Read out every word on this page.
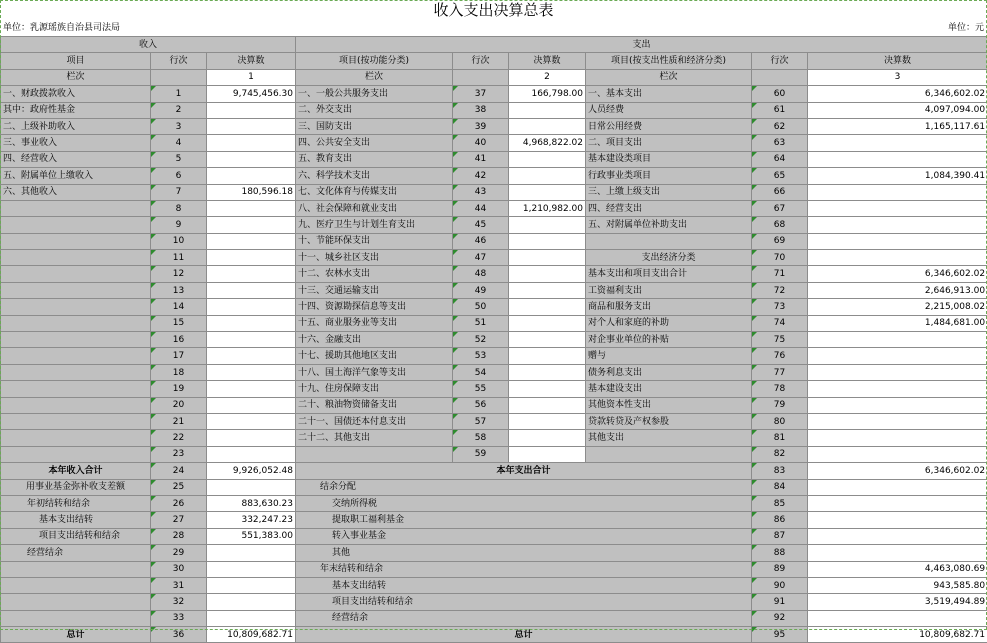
收入支出决算总表
单位：乳源瑶族自治县司法局	单位：元
收入			支出					
项目	行次	决算数	项目(按功能分类)	行次	决算数	项目(按支出性质和经济分类)	行次	决算数
栏次		1	栏次		2	栏次		3
一、财政拨款收入	1	9,745,456.30	一、一般公共服务支出	37	166,798.00	一、基本支出	60	6,346,602.02
其中：政府性基金	2		二、外交支出	38		人员经费	61	4,097,094.00
二、上级补助收入	3		三、国防支出	39		日常公用经费	62	1,165,117.61
三、事业收入	4		四、公共安全支出	40	4,968,822.02	二、项目支出	63	
四、经营收入	5		五、教育支出	41		基本建设类项目	64	
五、附属单位上缴收入	6		六、科学技术支出	42		行政事业类项目	65	1,084,390.41
六、其他收入	7	180,596.18	七、文化体育与传媒支出	43		三、上缴上级支出	66	
	8		八、社会保障和就业支出	44	1,210,982.00	四、经营支出	67	
	9		九、医疗卫生与计划生育支出	45		五、对附属单位补助支出	68	
	10		十、节能环保支出	46			69	
	11		十一、城乡社区支出	47		支出经济分类	70	
	12		十二、农林水支出	48		基本支出和项目支出合计	71	6,346,602.02
	13		十三、交通运输支出	49		工资福利支出	72	2,646,913.00
	14		十四、资源勘探信息等支出	50		商品和服务支出	73	2,215,008.02
	15		十五、商业服务业等支出	51		对个人和家庭的补助	74	1,484,681.00
	16		十六、金融支出	52		对企事业单位的补贴	75	
	17		十七、援助其他地区支出	53		赠与	76	
	18		十八、国土海洋气象等支出	54		债务利息支出	77	
	19		十九、住房保障支出	55		基本建设支出	78	
	20		二十、粮油物资储备支出	56		其他资本性支出	79	
	21		二十一、国债还本付息支出	57		贷款转贷及产权参股	80	
	22		二十二、其他支出	58		其他支出	81	
	23			59			82	
本年收入合计	24	9,926,052.48	本年支出合计				83	6,346,602.02
用事业基金弥补收支差额	25		结余分配				84	
年初结转和结余	26	883,630.23	交纳所得税				85	
基本支出结转	27	332,247.23	提取职工福利基金				86	
项目支出结转和结余	28	551,383.00	转入事业基金				87	
经营结余	29		其他				88	
	30		年末结转和结余				89	4,463,080.69
	31		基本支出结转				90	943,585.80
	32		项目支出结转和结余				91	3,519,494.89
	33		经营结余				92	
总计	36	10,809,682.71	总计				95	10,809,682.71
